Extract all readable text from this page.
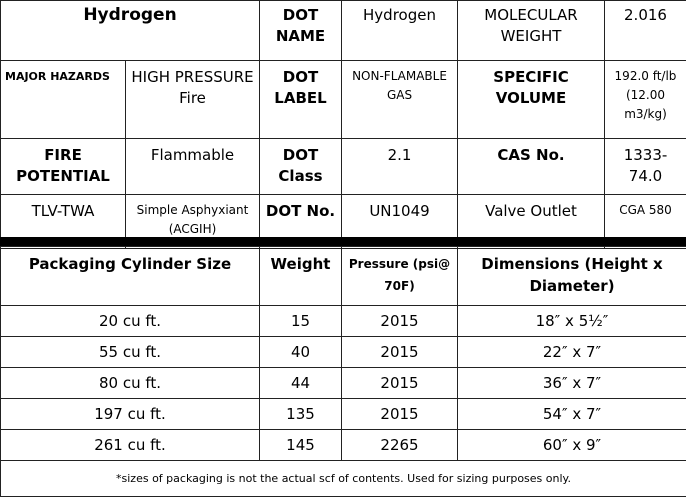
Hydrogen		DOT NAME	Hydrogen	MOLECULAR WEIGHT	2.016
MAJOR HAZARDS	HIGH PRESSURE Fire	DOT LABEL	NON-FLAMABLE GAS	SPECIFIC VOLUME	192.0 ft/lb (12.00 m3/kg)
FIRE POTENTIAL	Flammable	DOT Class	2.1	CAS No.	1333-74.0
TLV-TWA	Simple Asphyxiant (ACGIH)	DOT No.	UN1049	Valve Outlet	CGA 580
Packaging Cylinder Size	Weight	Pressure (psi@ 70F)	Dimensions (Height x Diameter)
20 cu ft.	15	2015	18″ x 5½″
55 cu ft.	40	2015	22″ x 7″
80 cu ft.	44	2015	36″ x 7″
197 cu ft.	135	2015	54″ x 7″
261 cu ft.	145	2265	60″ x 9″
*sizes of packaging is not the actual scf of contents. Used for sizing purposes only.			
